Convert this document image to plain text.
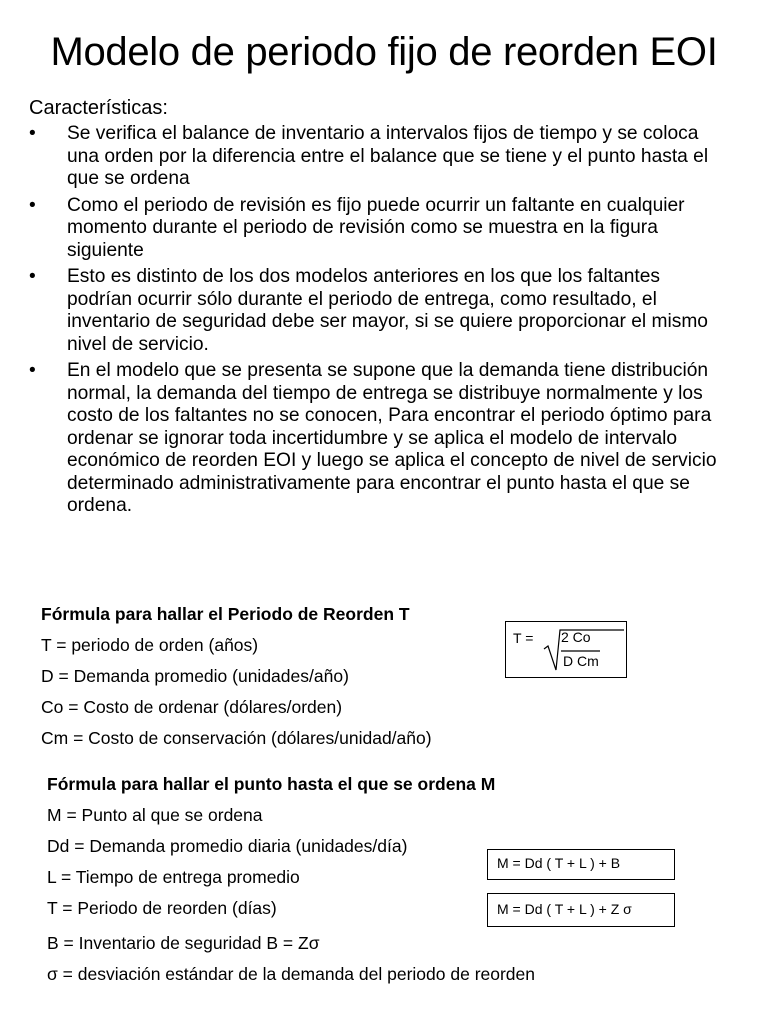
Modelo de periodo fijo de reorden EOI
Características:
•	Se verifica el balance de inventario a intervalos fijos de tiempo y se coloca una orden por la diferencia entre el balance que se tiene y el punto hasta el que se ordena
•	Como el periodo de revisión es fijo puede ocurrir un faltante en cualquier momento durante el periodo de revisión como se muestra en la figura siguiente
•	Esto es distinto de los dos modelos anteriores en los que los faltantes podrían ocurrir sólo durante el periodo de entrega, como resultado, el inventario de seguridad debe ser mayor, si se quiere proporcionar el mismo nivel de servicio.
•	En el modelo que se presenta se supone que la demanda tiene distribución normal, la demanda del tiempo de entrega se distribuye normalmente y los costo de los faltantes no se conocen, Para encontrar el periodo óptimo para ordenar se ignorar toda incertidumbre y se aplica el modelo de intervalo económico de reorden EOI y luego se aplica el concepto de nivel de servicio determinado administrativamente para encontrar el punto hasta el que se ordena.
Fórmula para hallar el Periodo de Reorden T
T = periodo de orden (años)
D = Demanda promedio (unidades/año)
Co = Costo de ordenar (dólares/orden)
Cm = Costo de conservación (dólares/unidad/año)
T = 2 Co
D Cm
Fórmula para hallar el punto hasta el que se ordena M
M = Punto al que se ordena
Dd = Demanda promedio diaria (unidades/día)
L = Tiempo de entrega promedio
T = Periodo de reorden (días)
B = Inventario de seguridad B = Zσ
σ = desviación estándar de la demanda del periodo de reorden
M = Dd ( T + L ) + B
M = Dd ( T + L ) + Z σ
